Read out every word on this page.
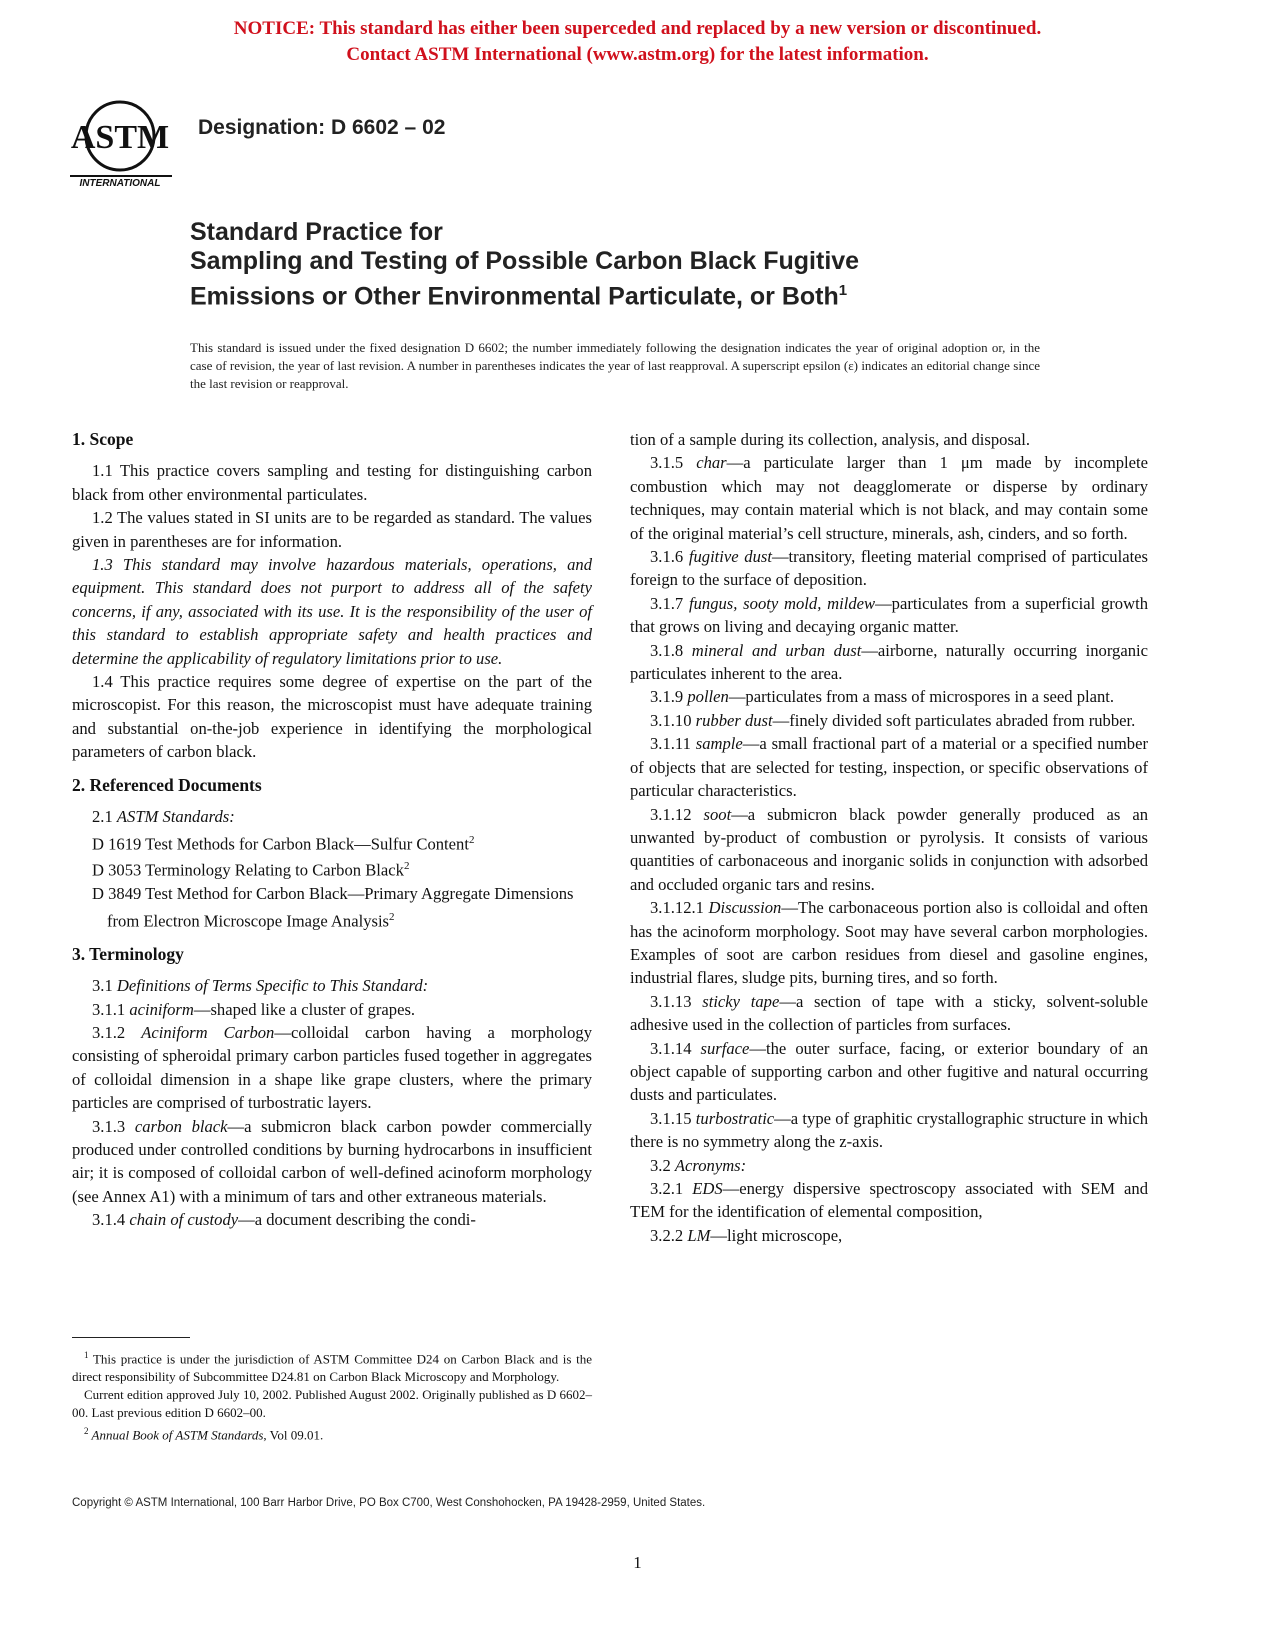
NOTICE: This standard has either been superceded and replaced by a new version or discontinued.
Contact ASTM International (www.astm.org) for the latest information.
ASTM
INTERNATIONAL
Designation: D 6602 – 02
Standard Practice for
Sampling and Testing of Possible Carbon Black Fugitive
Emissions or Other Environmental Particulate, or Both$^1$
This standard is issued under the fixed designation D 6602; the number immediately following the designation indicates the year of original adoption or, in the case of revision, the year of last revision. A number in parentheses indicates the year of last reapproval. A superscript epsilon (ε) indicates an editorial change since the last revision or reapproval.
1. Scope

1.1 This practice covers sampling and testing for distinguishing carbon black from other environmental particulates.

1.2 The values stated in SI units are to be regarded as standard. The values given in parentheses are for information.

1.3 This standard may involve hazardous materials, operations, and equipment. This standard does not purport to address all of the safety concerns, if any, associated with its use. It is the responsibility of the user of this standard to establish appropriate safety and health practices and determine the applicability of regulatory limitations prior to use.

1.4 This practice requires some degree of expertise on the part of the microscopist. For this reason, the microscopist must have adequate training and substantial on-the-job experience in identifying the morphological parameters of carbon black.

2. Referenced Documents

2.1 ASTM Standards:

D 1619 Test Methods for Carbon Black—Sulfur Content$^2$

D 3053 Terminology Relating to Carbon Black$^2$

D 3849 Test Method for Carbon Black—Primary Aggregate Dimensions from Electron Microscope Image Analysis$^2$

3. Terminology

3.1 Definitions of Terms Specific to This Standard:

3.1.1 aciniform—shaped like a cluster of grapes.

3.1.2 Aciniform Carbon—colloidal carbon having a morphology consisting of spheroidal primary carbon particles fused together in aggregates of colloidal dimension in a shape like grape clusters, where the primary particles are comprised of turbostratic layers.

3.1.3 carbon black—a submicron black carbon powder commercially produced under controlled conditions by burning hydrocarbons in insufficient air; it is composed of colloidal carbon of well-defined acinoform morphology (see Annex A1) with a minimum of tars and other extraneous materials.

3.1.4 chain of custody—a document describing the condi-

tion of a sample during its collection, analysis, and disposal.

3.1.5 char—a particulate larger than 1 μm made by incomplete combustion which may not deagglomerate or disperse by ordinary techniques, may contain material which is not black, and may contain some of the original material’s cell structure, minerals, ash, cinders, and so forth.

3.1.6 fugitive dust—transitory, fleeting material comprised of particulates foreign to the surface of deposition.

3.1.7 fungus, sooty mold, mildew—particulates from a superficial growth that grows on living and decaying organic matter.

3.1.8 mineral and urban dust—airborne, naturally occurring inorganic particulates inherent to the area.

3.1.9 pollen—particulates from a mass of microspores in a seed plant.

3.1.10 rubber dust—finely divided soft particulates abraded from rubber.

3.1.11 sample—a small fractional part of a material or a specified number of objects that are selected for testing, inspection, or specific observations of particular characteristics.

3.1.12 soot—a submicron black powder generally produced as an unwanted by-product of combustion or pyrolysis. It consists of various quantities of carbonaceous and inorganic solids in conjunction with adsorbed and occluded organic tars and resins.

3.1.12.1 Discussion—The carbonaceous portion also is colloidal and often has the acinoform morphology. Soot may have several carbon morphologies. Examples of soot are carbon residues from diesel and gasoline engines, industrial flares, sludge pits, burning tires, and so forth.

3.1.13 sticky tape—a section of tape with a sticky, solvent-soluble adhesive used in the collection of particles from surfaces.

3.1.14 surface—the outer surface, facing, or exterior boundary of an object capable of supporting carbon and other fugitive and natural occurring dusts and particulates.

3.1.15 turbostratic—a type of graphitic crystallographic structure in which there is no symmetry along the z-axis.

3.2 Acronyms:

3.2.1 EDS—energy dispersive spectroscopy associated with SEM and TEM for the identification of elemental composition,

3.2.2 LM—light microscope,

$^1$ This practice is under the jurisdiction of ASTM Committee D24 on Carbon Black and is the direct responsibility of Subcommittee D24.81 on Carbon Black Microscopy and Morphology.

Current edition approved July 10, 2002. Published August 2002. Originally published as D 6602–00. Last previous edition D 6602–00.

$^2$ Annual Book of ASTM Standards, Vol 09.01.

Copyright © ASTM International, 100 Barr Harbor Drive, PO Box C700, West Conshohocken, PA 19428-2959, United States.
1
